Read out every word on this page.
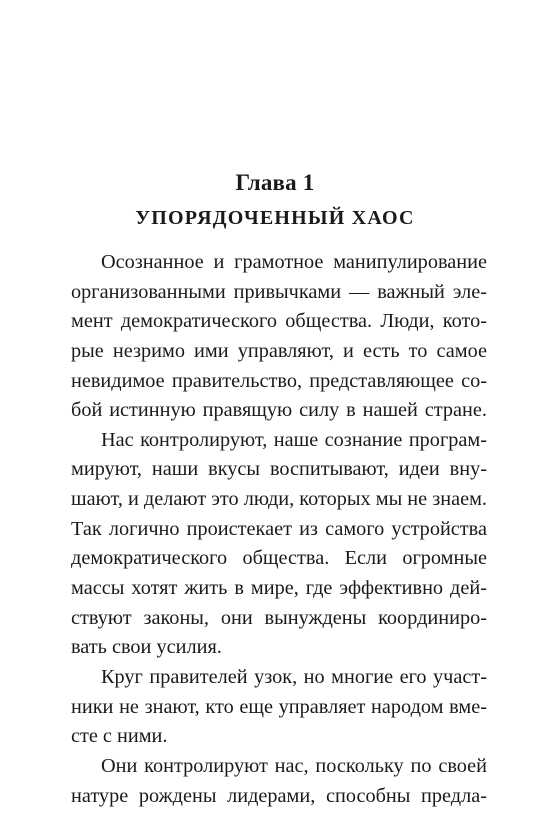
Глава 1
УПОРЯДОЧЕННЫЙ ХАОС
Осознанное и грамотное манипулирование
организованными привычками — важный эле-
мент демократического общества. Люди, кото-
рые незримо ими управляют, и есть то самое
невидимое правительство, представляющее со-
бой истинную правящую силу в нашей стране.
Нас контролируют, наше сознание програм-
мируют, наши вкусы воспитывают, идеи вну-
шают, и делают это люди, которых мы не знаем.
Так логично проистекает из самого устройства
демократического общества. Если огромные
массы хотят жить в мире, где эффективно дей-
ствуют законы, они вынуждены координиро-
вать свои усилия.
Круг правителей узок, но многие его участ-
ники не знают, кто еще управляет народом вме-
сте с ними.
Они контролируют нас, поскольку по своей
натуре рождены лидерами, способны предла-
